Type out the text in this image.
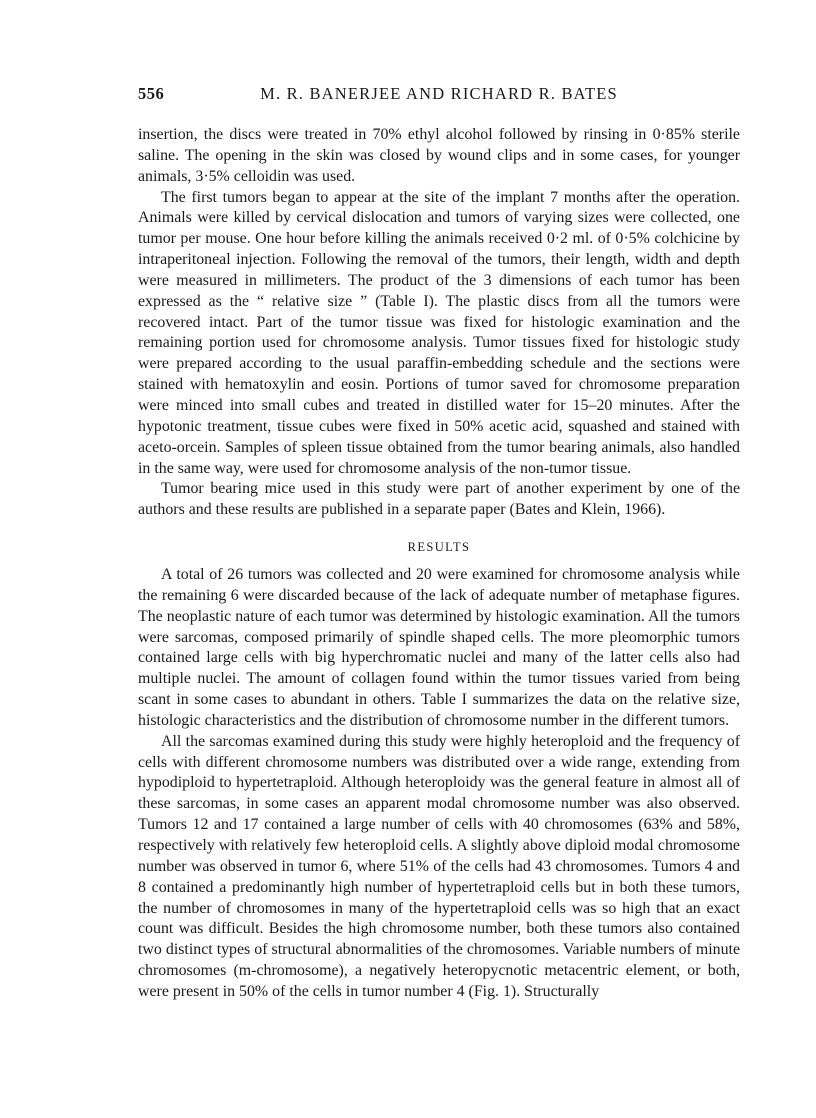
556	M. R. BANERJEE AND RICHARD R. BATES

insertion, the discs were treated in 70% ethyl alcohol followed by rinsing in 0·85% sterile saline. The opening in the skin was closed by wound clips and in some cases, for younger animals, 3·5% celloidin was used.

The first tumors began to appear at the site of the implant 7 months after the operation. Animals were killed by cervical dislocation and tumors of varying sizes were collected, one tumor per mouse. One hour before killing the animals received 0·2 ml. of 0·5% colchicine by intraperitoneal injection. Following the removal of the tumors, their length, width and depth were measured in millimeters. The product of the 3 dimensions of each tumor has been expressed as the “ relative size ” (Table I). The plastic discs from all the tumors were recovered intact. Part of the tumor tissue was fixed for histologic examination and the remaining portion used for chromosome analysis. Tumor tissues fixed for histologic study were prepared according to the usual paraffin-embedding schedule and the sections were stained with hematoxylin and eosin. Portions of tumor saved for chromosome preparation were minced into small cubes and treated in distilled water for 15–20 minutes. After the hypotonic treatment, tissue cubes were fixed in 50% acetic acid, squashed and stained with aceto-orcein. Samples of spleen tissue obtained from the tumor bearing animals, also handled in the same way, were used for chromosome analysis of the non-tumor tissue.

Tumor bearing mice used in this study were part of another experiment by one of the authors and these results are published in a separate paper (Bates and Klein, 1966).

RESULTS

A total of 26 tumors was collected and 20 were examined for chromosome analysis while the remaining 6 were discarded because of the lack of adequate number of metaphase figures. The neoplastic nature of each tumor was determined by histologic examination. All the tumors were sarcomas, composed primarily of spindle shaped cells. The more pleomorphic tumors contained large cells with big hyperchromatic nuclei and many of the latter cells also had multiple nuclei. The amount of collagen found within the tumor tissues varied from being scant in some cases to abundant in others. Table I summarizes the data on the relative size, histologic characteristics and the distribution of chromosome number in the different tumors.

All the sarcomas examined during this study were highly heteroploid and the frequency of cells with different chromosome numbers was distributed over a wide range, extending from hypodiploid to hypertetraploid. Although heteroploidy was the general feature in almost all of these sarcomas, in some cases an apparent modal chromosome number was also observed. Tumors 12 and 17 contained a large number of cells with 40 chromosomes (63% and 58%, respectively with relatively few heteroploid cells. A slightly above diploid modal chromosome number was observed in tumor 6, where 51% of the cells had 43 chromosomes. Tumors 4 and 8 contained a predominantly high number of hypertetraploid cells but in both these tumors, the number of chromosomes in many of the hypertetraploid cells was so high that an exact count was difficult. Besides the high chromosome number, both these tumors also contained two distinct types of structural abnormalities of the chromosomes. Variable numbers of minute chromosomes (m-chromosome), a negatively heteropycnotic metacentric element, or both, were present in 50% of the cells in tumor number 4 (Fig. 1). Structurally
